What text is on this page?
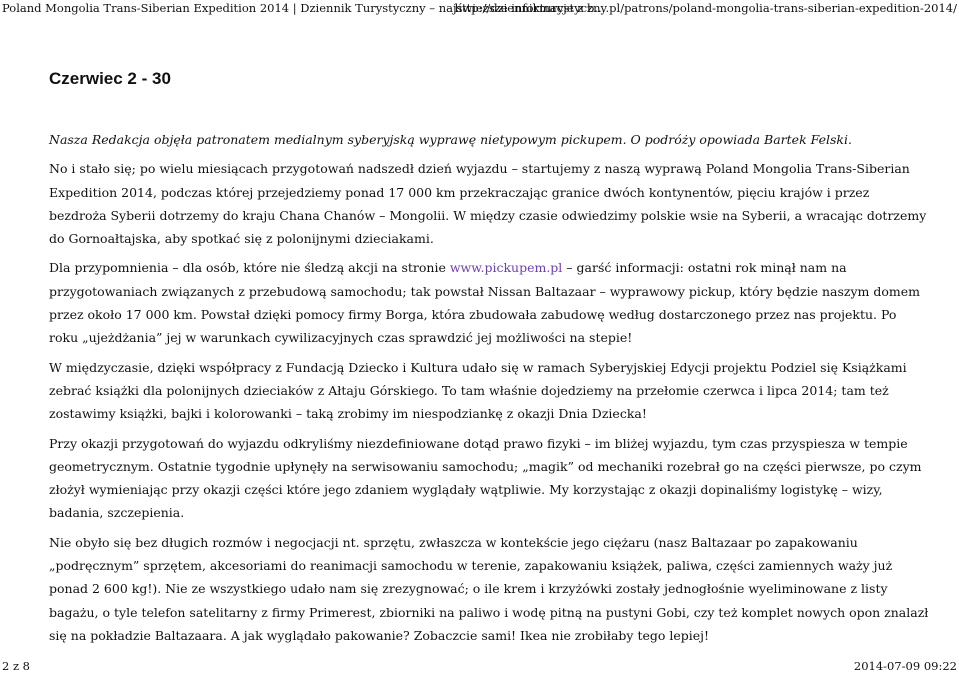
Poland Mongolia Trans-Siberian Expedition 2014 | Dziennik Turystyczny – najświeższe informacje z b...
http://dziennikturystyczny.pl/patrons/poland-mongolia-trans-siberian-expedition-2014/
Czerwiec 2 - 30

Nasza Redakcja objęła patronatem medialnym syberyjską wyprawę nietypowym pickupem. O podróży opowiada Bartek Felski.

No i stało się; po wielu miesiącach przygotowań nadszedł dzień wyjazdu – startujemy z naszą wyprawą Poland Mongolia Trans-Siberian Expedition 2014, podczas której przejedziemy ponad 17 000 km przekraczając granice dwóch kontynentów, pięciu krajów i przez bezdroża Syberii dotrzemy do kraju Chana Chanów – Mongolii. W między czasie odwiedzimy polskie wsie na Syberii, a wracając dotrzemy do Gornoałtajska, aby spotkać się z polonijnymi dzieciakami.

Dla przypomnienia – dla osób, które nie śledzą akcji na stronie www.pickupem.pl – garść informacji: ostatni rok minął nam na przygotowaniach związanych z przebudową samochodu; tak powstał Nissan Baltazaar – wyprawowy pickup, który będzie naszym domem przez około 17 000 km. Powstał dzięki pomocy firmy Borga, która zbudowała zabudowę według dostarczonego przez nas projektu. Po roku „ujeżdżania” jej w warunkach cywilizacyjnych czas sprawdzić jej możliwości na stepie!

W międzyczasie, dzięki współpracy z Fundacją Dziecko i Kultura udało się w ramach Syberyjskiej Edycji projektu Podziel się Książkami zebrać książki dla polonijnych dzieciaków z Ałtaju Górskiego. To tam właśnie dojedziemy na przełomie czerwca i lipca 2014; tam też zostawimy książki, bajki i kolorowanki – taką zrobimy im niespodziankę z okazji Dnia Dziecka!

Przy okazji przygotowań do wyjazdu odkryliśmy niezdefiniowane dotąd prawo fizyki – im bliżej wyjazdu, tym czas przyspiesza w tempie geometrycznym. Ostatnie tygodnie upłynęły na serwisowaniu samochodu; „magik” od mechaniki rozebrał go na części pierwsze, po czym złożył wymieniając przy okazji części które jego zdaniem wyglądały wątpliwie. My korzystając z okazji dopinaliśmy logistykę – wizy, badania, szczepienia.

Nie obyło się bez długich rozmów i negocjacji nt. sprzętu, zwłaszcza w kontekście jego ciężaru (nasz Baltazaar po zapakowaniu „podręcznym” sprzętem, akcesoriami do reanimacji samochodu w terenie, zapakowaniu książek, paliwa, części zamiennych waży już ponad 2 600 kg!). Nie ze wszystkiego udało nam się zrezygnować; o ile krem i krzyżówki zostały jednogłośnie wyeliminowane z listy bagażu, o tyle telefon satelitarny z firmy Primerest, zbiorniki na paliwo i wodę pitną na pustyni Gobi, czy też komplet nowych opon znalazł się na pokładzie Baltazaara. A jak wyglądało pakowanie? Zobaczcie sami! Ikea nie zrobiłaby tego lepiej!

2 z 8	2014-07-09 09:22
